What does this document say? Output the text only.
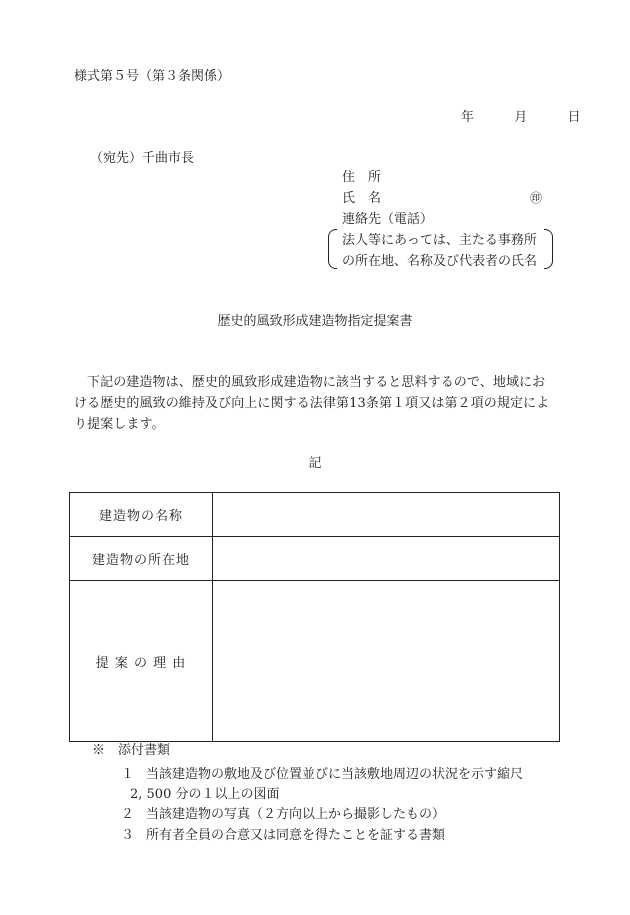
様式第５号（第３条関係）
年	月	日
（宛先）千曲市長
住　所
氏　名	㊞
連絡先（電話）
法人等にあっては、主たる事務所
の所在地、名称及び代表者の氏名
歴史的風致形成建造物指定提案書

下記の建造物は、歴史的風致形成建造物に該当すると思料するので、地域における歴史的風致の維持及び向上に関する法律第13条第１項又は第２項の規定により提案します。

記
建造物の名称	
建造物の所在地	
提 案 の 理 由	
※　添付書類
１ 当該建造物の敷地及び位置並びに当該敷地周辺の状況を示す縮尺
2, 500 分の１以上の図面
２ 当該建造物の写真（２方向以上から撮影したもの）
３ 所有者全員の合意又は同意を得たことを証する書類
